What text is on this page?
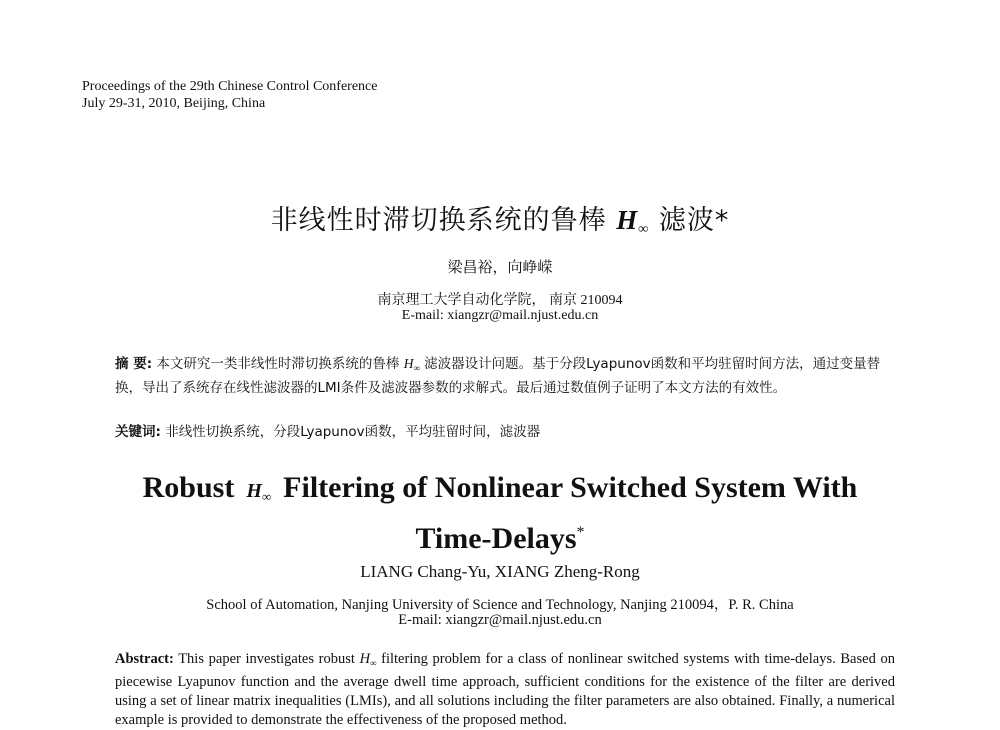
Proceedings of the 29th Chinese Control Conference
July 29-31, 2010, Beijing, China
非线性时滞切换系统的鲁棒 H∞ 滤波*
梁昌裕，向峥嵘
南京理工大学自动化学院， 南京 210094
E-mail: xiangzr@mail.njust.edu.cn
摘 要: 本文研究一类非线性时滞切换系统的鲁棒 $H_\infty$ 滤波器设计问题。基于分段Lyapunov函数和平均驻留时间方法，通过变量替换，导出了系统存在线性滤波器的LMI条件及滤波器参数的求解式。最后通过数值例子证明了本文方法的有效性。
关键词: 非线性切换系统，分段Lyapunov函数，平均驻留时间，滤波器
Robust $H_\infty$ Filtering of Nonlinear Switched System With
Time-Delays*
LIANG Chang-Yu, XIANG Zheng-Rong
School of Automation, Nanjing University of Science and Technology, Nanjing 210094，P. R. China
E-mail: xiangzr@mail.njust.edu.cn
Abstract: This paper investigates robust $H_\infty$ filtering problem for a class of nonlinear switched systems with time-delays. Based on piecewise Lyapunov function and the average dwell time approach, sufficient conditions for the existence of the filter are derived using a set of linear matrix inequalities (LMIs), and all solutions including the filter parameters are also obtained. Finally, a numerical example is provided to demonstrate the effectiveness of the proposed method.
